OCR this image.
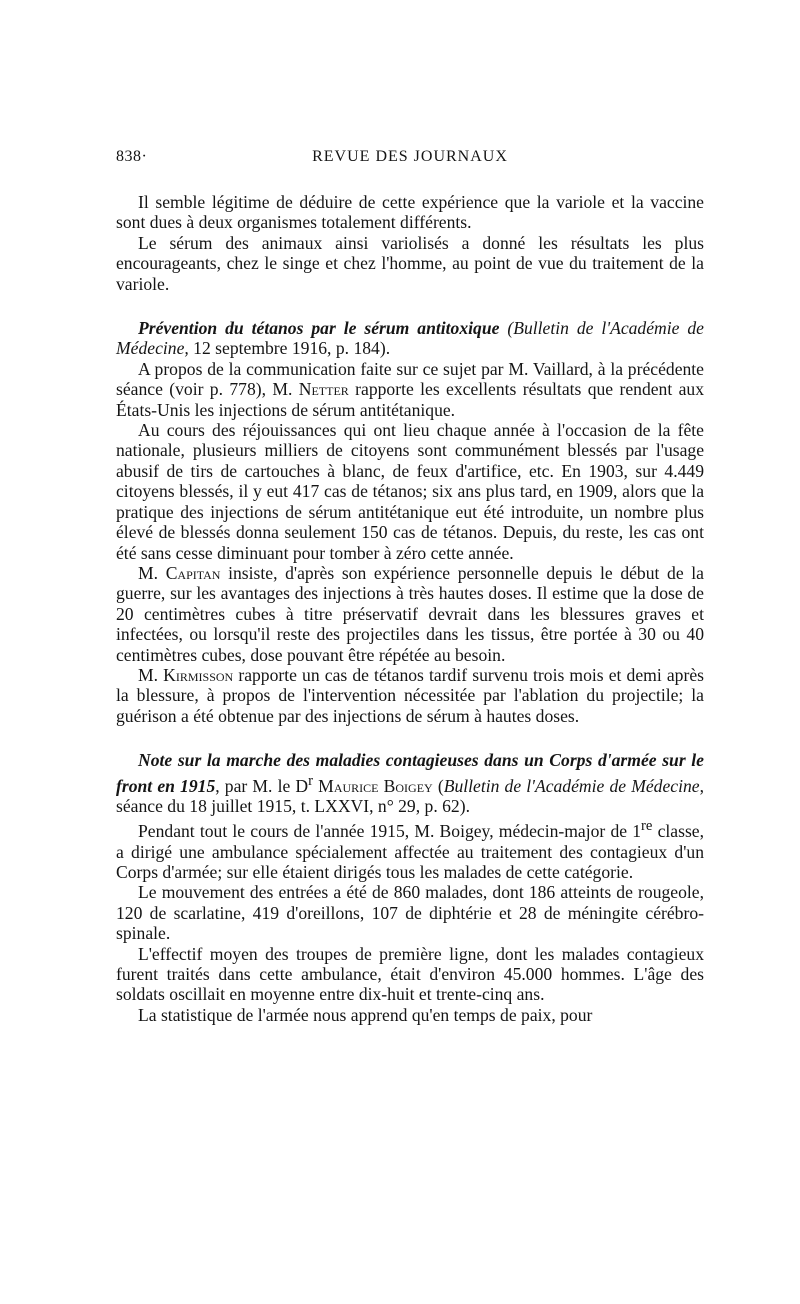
838·	REVUE DES JOURNAUX

Il semble légitime de déduire de cette expérience que la variole et la vaccine sont dues à deux organismes totalement différents.

Le sérum des animaux ainsi variolisés a donné les résultats les plus encourageants, chez le singe et chez l'homme, au point de vue du traitement de la variole.

Prévention du tétanos par le sérum antitoxique (Bulletin de l'Académie de Médecine, 12 septembre 1916, p. 184).

A propos de la communication faite sur ce sujet par M. Vaillard, à la précédente séance (voir p. 778), M. Netter rapporte les excellents résultats que rendent aux États-Unis les injections de sérum antitétanique.

Au cours des réjouissances qui ont lieu chaque année à l'occasion de la fête nationale, plusieurs milliers de citoyens sont communément blessés par l'usage abusif de tirs de cartouches à blanc, de feux d'artifice, etc. En 1903, sur 4.449 citoyens blessés, il y eut 417 cas de tétanos; six ans plus tard, en 1909, alors que la pratique des injections de sérum antitétanique eut été introduite, un nombre plus élevé de blessés donna seulement 150 cas de tétanos. Depuis, du reste, les cas ont été sans cesse diminuant pour tomber à zéro cette année.

M. Capitan insiste, d'après son expérience personnelle depuis le début de la guerre, sur les avantages des injections à très hautes doses. Il estime que la dose de 20 centimètres cubes à titre préservatif devrait dans les blessures graves et infectées, ou lorsqu'il reste des projectiles dans les tissus, être portée à 30 ou 40 centimètres cubes, dose pouvant être répétée au besoin.

M. Kirmisson rapporte un cas de tétanos tardif survenu trois mois et demi après la blessure, à propos de l'intervention nécessitée par l'ablation du projectile; la guérison a été obtenue par des injections de sérum à hautes doses.

Note sur la marche des maladies contagieuses dans un Corps d'armée sur le front en 1915, par M. le $D^r$ Maurice Boigey (Bulletin de l'Académie de Médecine, séance du 18 juillet 1915, t. LXXVI, n° 29, p. 62).

Pendant tout le cours de l'année 1915, M. Boigey, médecin-major de 1re classe, a dirigé une ambulance spécialement affectée au traitement des contagieux d'un Corps d'armée; sur elle étaient dirigés tous les malades de cette catégorie.

Le mouvement des entrées a été de 860 malades, dont 186 atteints de rougeole, 120 de scarlatine, 419 d'oreillons, 107 de diphtérie et 28 de méningite cérébro-spinale.

L'effectif moyen des troupes de première ligne, dont les malades contagieux furent traités dans cette ambulance, était d'environ 45.000 hommes. L'âge des soldats oscillait en moyenne entre dix-huit et trente-cinq ans.

La statistique de l'armée nous apprend qu'en temps de paix, pour
